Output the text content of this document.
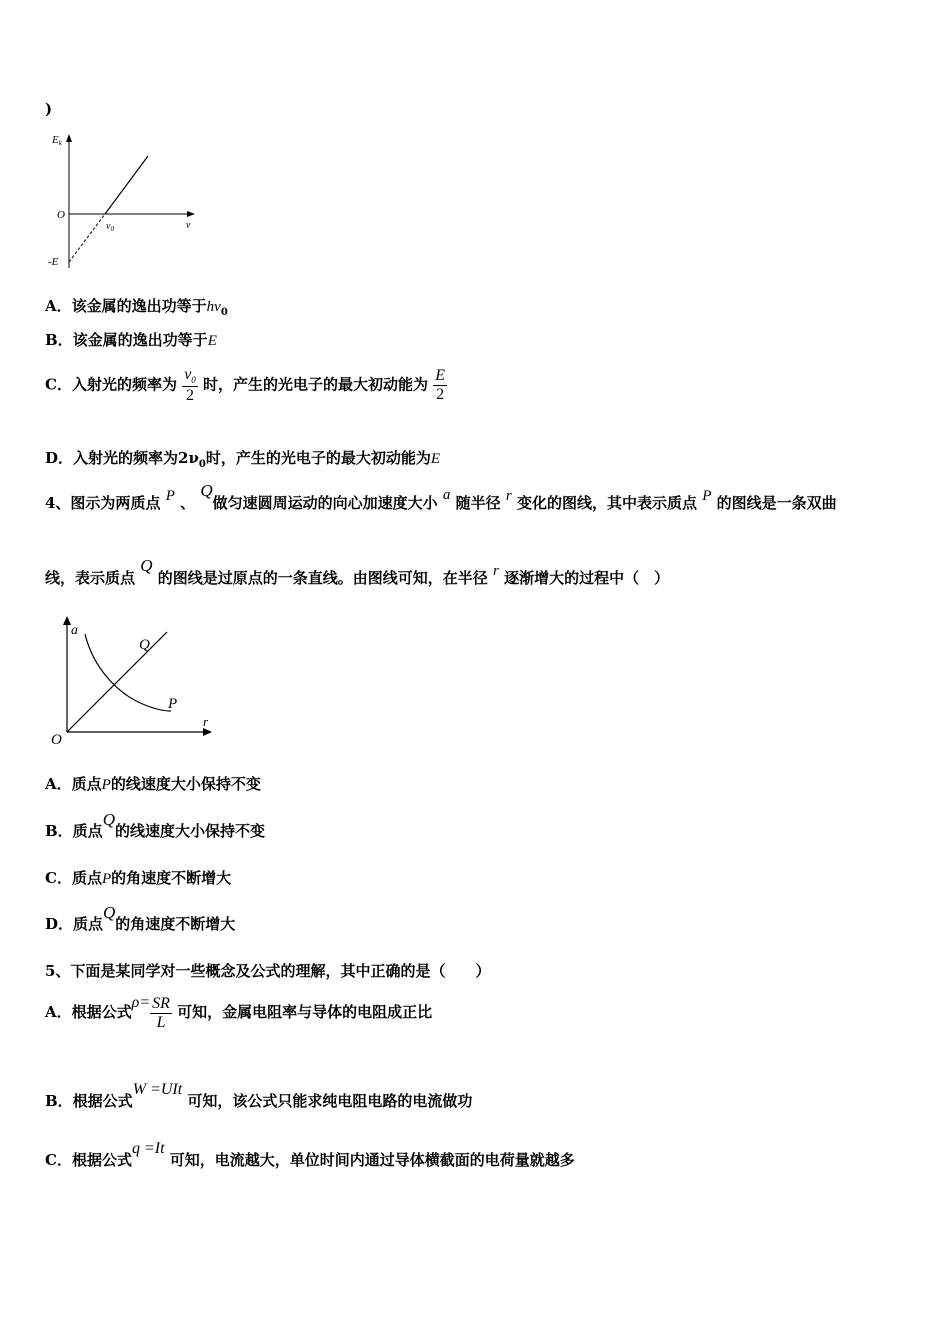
)
Ek
O
$\nu_0$	ν
-E
A．该金属的逸出功等于$h\nu_0$
B．该金属的逸出功等于E
C．入射光的频率为 $\frac{\nu_0}{2}$ 时，产生的光电子的最大初动能为 $\frac{E}{2}$
D．入射光的频率为$2\nu_0$时，产生的光电子的最大初动能为E
4、图示为两质点 P 、 Q做匀速圆周运动的向心加速度大小 a 随半径 r 变化的图线，其中表示质点 P 的图线是一条双曲
线，表示质点 Q 的图线是过原点的一条直线。由图线可知，在半径 r 逐渐增大的过程中（　）
a
r
O
Q
P
A．质点P的线速度大小保持不变
B．质点Q的线速度大小保持不变
C．质点P的角速度不断增大
D．质点Q的角速度不断增大
5、下面是某同学对一些概念及公式的理解，其中正确的是（　　）
A．根据公式$\rho= \frac{SR}{L}$ 可知，金属电阻率与导体的电阻成正比
B．根据公式W =UIt 可知，该公式只能求纯电阻电路的电流做功
C．根据公式q =It 可知，电流越大，单位时间内通过导体横截面的电荷量就越多
